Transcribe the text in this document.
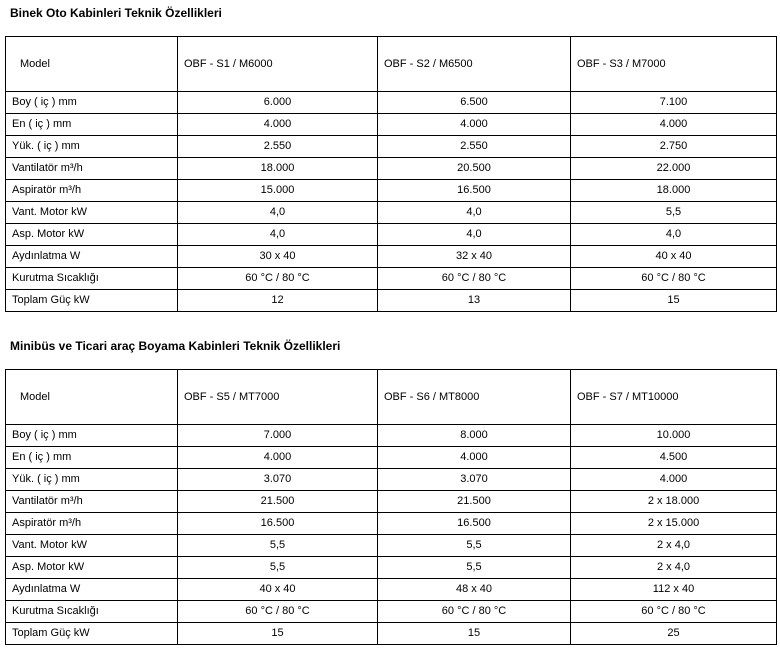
Binek Oto Kabinleri Teknik Özellikleri
Model	OBF - S1 / M6000	OBF - S2 / M6500	OBF - S3 / M7000
Boy ( iç ) mm	6.000	6.500	7.100
En ( iç ) mm	4.000	4.000	4.000
Yük. ( iç ) mm	2.550	2.550	2.750
Vantilatör m³/h	18.000	20.500	22.000
Aspiratör m³/h	15.000	16.500	18.000
Vant. Motor kW	4,0	4,0	5,5
Asp. Motor kW	4,0	4,0	4,0
Aydınlatma W	30 x 40	32 x 40	40 x 40
Kurutma Sıcaklığı	60 °C / 80 °C	60 °C / 80 °C	60 °C / 80 °C
Toplam Güç kW	12	13	15
Minibüs ve Ticari araç Boyama Kabinleri Teknik Özellikleri
Model	OBF - S5 / MT7000	OBF - S6 / MT8000	OBF - S7 / MT10000
Boy ( iç ) mm	7.000	8.000	10.000
En ( iç ) mm	4.000	4.000	4.500
Yük. ( iç ) mm	3.070	3.070	4.000
Vantilatör m³/h	21.500	21.500	2 x 18.000
Aspiratör m³/h	16.500	16.500	2 x 15.000
Vant. Motor kW	5,5	5,5	2 x 4,0
Asp. Motor kW	5,5	5,5	2 x 4,0
Aydınlatma W	40 x 40	48 x 40	112 x 40
Kurutma Sıcaklığı	60 °C / 80 °C	60 °C / 80 °C	60 °C / 80 °C
Toplam Güç kW	15	15	25
